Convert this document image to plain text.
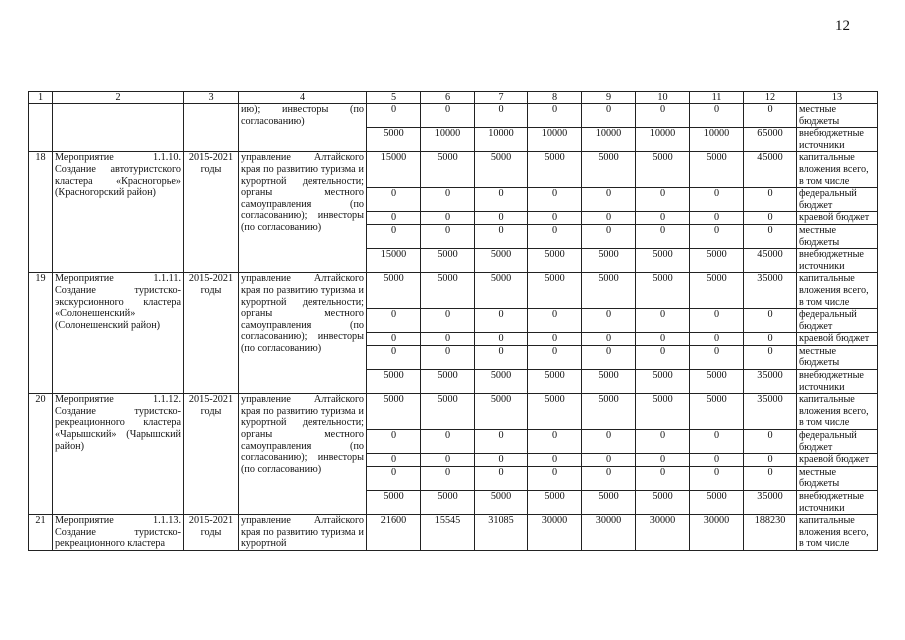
12
1	2	3	4	5	6	7	8	9	10	11	12	13
			ию); инвесторы (по согласованию)	0	0	0	0	0	0	0	0	местные бюджеты
				5000	10000	10000	10000	10000	10000	10000	65000	внебюджетные источники
18	Мероприятие 1.1.10. Создание автотуристского кластера «Красногорье» (Красногорский район)	2015-2021 годы	управление Алтайского края по развитию туризма и курортной деятельности; органы местного самоуправления (по согласованию); инвесторы (по согласованию)	15000	5000	5000	5000	5000	5000	5000	45000	капитальные вложения всего, в том числе
				0	0	0	0	0	0	0	0	федеральный бюджет
				0	0	0	0	0	0	0	0	краевой бюджет
				0	0	0	0	0	0	0	0	местные бюджеты
				15000	5000	5000	5000	5000	5000	5000	45000	внебюджетные источники
19	Мероприятие 1.1.11. Создание туристско-экскурсионного кластера «Солонешенский» (Солонешенский район)	2015-2021 годы	управление Алтайского края по развитию туризма и курортной деятельности; органы местного самоуправления (по согласованию); инвесторы (по согласованию)	5000	5000	5000	5000	5000	5000	5000	35000	капитальные вложения всего, в том числе
				0	0	0	0	0	0	0	0	федеральный бюджет
				0	0	0	0	0	0	0	0	краевой бюджет
				0	0	0	0	0	0	0	0	местные бюджеты
				5000	5000	5000	5000	5000	5000	5000	35000	внебюджетные источники
20	Мероприятие 1.1.12. Создание туристско-рекреационного кластера «Чарышский» (Чарышский район)	2015-2021 годы	управление Алтайского края по развитию туризма и курортной деятельности; органы местного самоуправления (по согласованию); инвесторы (по согласованию)	5000	5000	5000	5000	5000	5000	5000	35000	капитальные вложения всего, в том числе
				0	0	0	0	0	0	0	0	федеральный бюджет
				0	0	0	0	0	0	0	0	краевой бюджет
				0	0	0	0	0	0	0	0	местные бюджеты
				5000	5000	5000	5000	5000	5000	5000	35000	внебюджетные источники
21	Мероприятие 1.1.13. Создание туристско-рекреационного кластера	2015-2021 годы	управление Алтайского края по развитию туризма и курортной	21600	15545	31085	30000	30000	30000	30000	188230	капитальные вложения всего, в том числе
